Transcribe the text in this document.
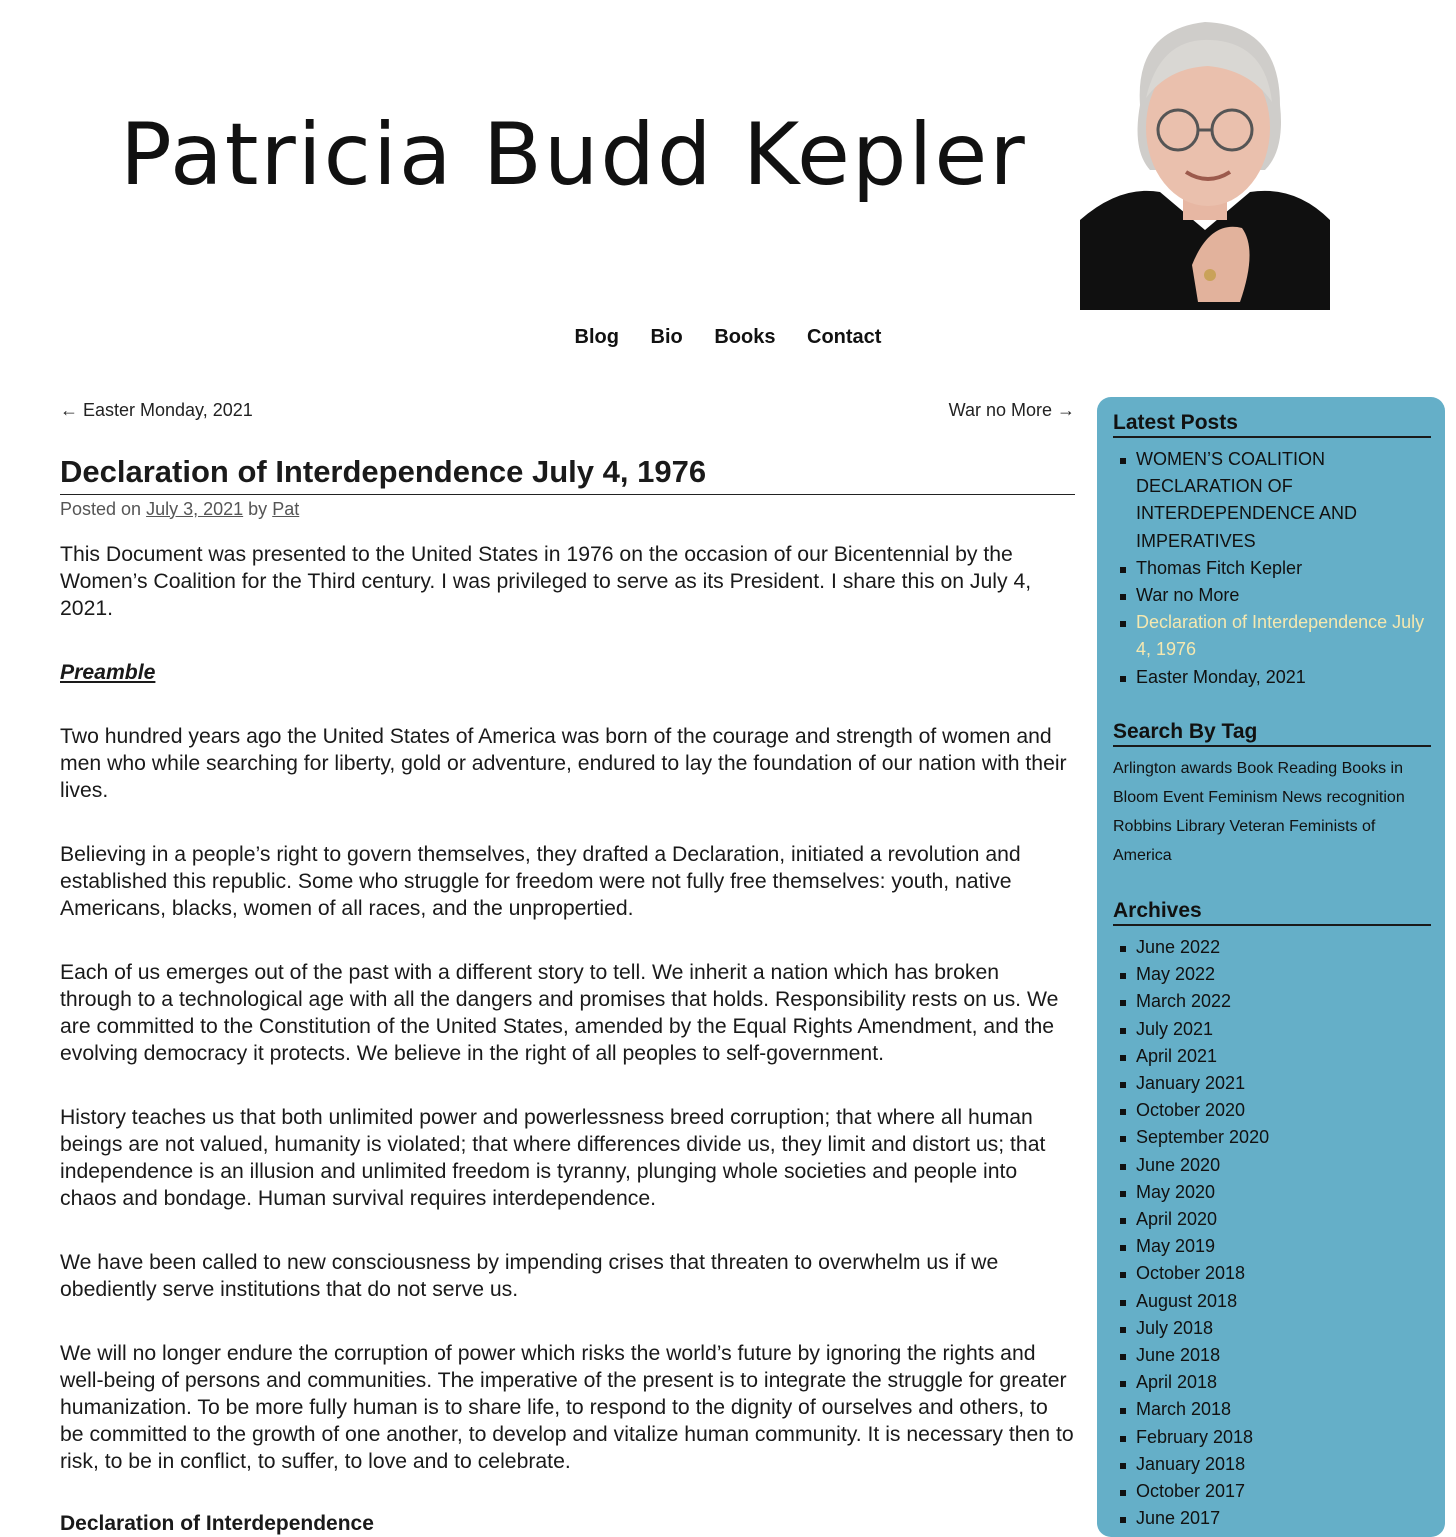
Patricia Budd Kepler
Blog Bio Books Contact
← Easter Monday, 2021	War no More →
Declaration of Interdependence July 4, 1976
Posted on July 3, 2021 by Pat

This Document was presented to the United States in 1976 on the occasion of our Bicentennial by the Women’s Coalition for the Third century. I was privileged to serve as its President. I share this on July 4, 2021.

Preamble

Two hundred years ago the United States of America was born of the courage and strength of women and men who while searching for liberty, gold or adventure, endured to lay the foundation of our nation with their lives.

Believing in a people’s right to govern themselves, they drafted a Declaration, initiated a revolution and established this republic. Some who struggle for freedom were not fully free themselves: youth, native Americans, blacks, women of all races, and the unpropertied.

Each of us emerges out of the past with a different story to tell. We inherit a nation which has broken through to a technological age with all the dangers and promises that holds. Responsibility rests on us. We are committed to the Constitution of the United States, amended by the Equal Rights Amendment, and the evolving democracy it protects. We believe in the right of all peoples to self-government.

History teaches us that both unlimited power and powerlessness breed corruption; that where all human beings are not valued, humanity is violated; that where differences divide us, they limit and distort us; that independence is an illusion and unlimited freedom is tyranny, plunging whole societies and people into chaos and bondage. Human survival requires interdependence.

We have been called to new consciousness by impending crises that threaten to overwhelm us if we obediently serve institutions that do not serve us.

We will no longer endure the corruption of power which risks the world’s future by ignoring the rights and well-being of persons and communities. The imperative of the present is to integrate the struggle for greater humanization. To be more fully human is to share life, to respond to the dignity of ourselves and others, to be committed to the growth of one another, to develop and vitalize human community. It is necessary then to risk, to be in conflict, to suffer, to love and to celebrate.

Declaration of Interdependence
Latest Posts
WOMEN’S COALITION DECLARATION OF INTERDEPENDENCE AND IMPERATIVES
Thomas Fitch Kepler
War no More
Declaration of Interdependence July 4, 1976
Easter Monday, 2021
Search By Tag
Arlington awards Book Reading Books in Bloom Event Feminism News recognition Robbins Library Veteran Feminists of America
Archives
June 2022
May 2022
March 2022
July 2021
April 2021
January 2021
October 2020
September 2020
June 2020
May 2020
April 2020
May 2019
October 2018
August 2018
July 2018
June 2018
April 2018
March 2018
February 2018
January 2018
October 2017
June 2017
